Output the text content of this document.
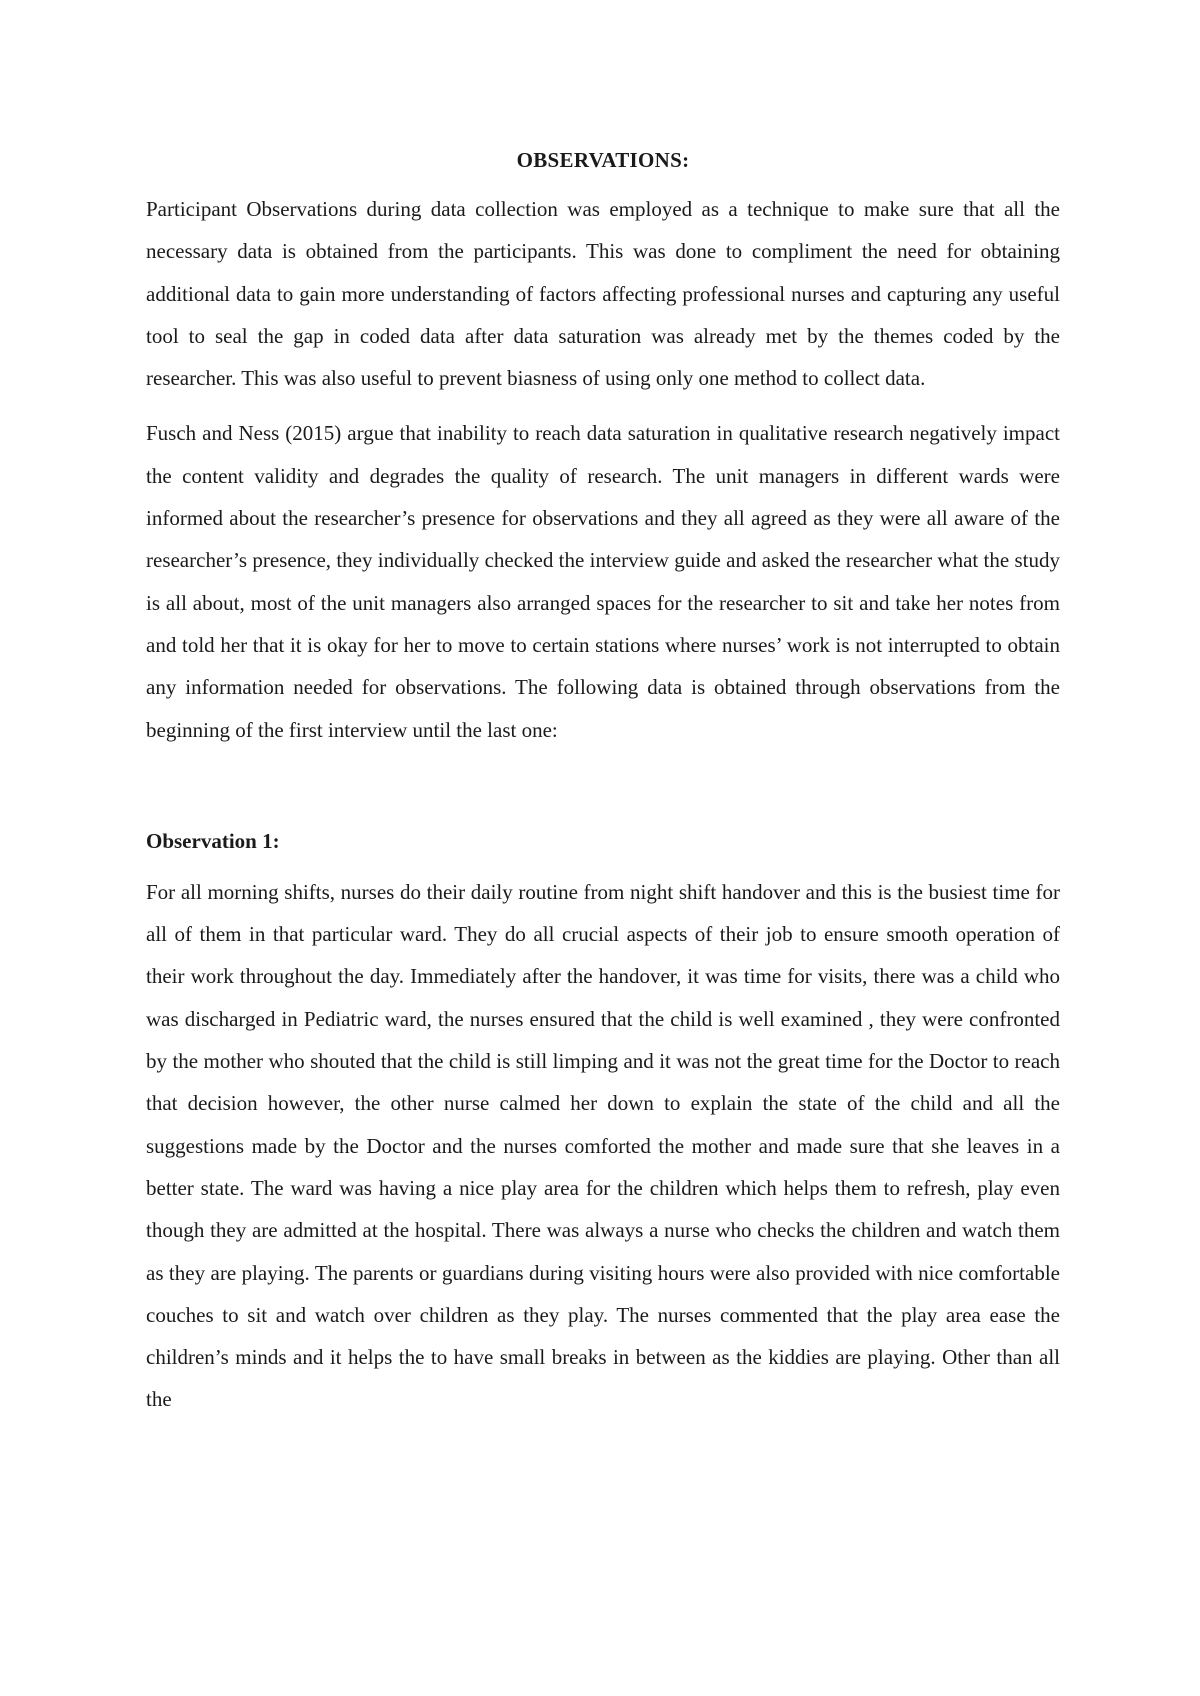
OBSERVATIONS:

Participant Observations during data collection was employed as a technique to make sure that all the necessary data is obtained from the participants. This was done to compliment the need for obtaining additional data to gain more understanding of factors affecting professional nurses and capturing any useful tool to seal the gap in coded data after data saturation was already met by the themes coded by the researcher. This was also useful to prevent biasness of using only one method to collect data.

Fusch and Ness (2015) argue that inability to reach data saturation in qualitative research negatively impact the content validity and degrades the quality of research. The unit managers in different wards were informed about the researcher’s presence for observations and they all agreed as they were all aware of the researcher’s presence, they individually checked the interview guide and asked the researcher what the study is all about, most of the unit managers also arranged spaces for the researcher to sit and take her notes from and told her that it is okay for her to move to certain stations where nurses’ work is not interrupted to obtain any information needed for observations. The following data is obtained through observations from the beginning of the first interview until the last one:

Observation 1:

For all morning shifts, nurses do their daily routine from night shift handover and this is the busiest time for all of them in that particular ward. They do all crucial aspects of their job to ensure smooth operation of their work throughout the day. Immediately after the handover, it was time for visits, there was a child who was discharged in Pediatric ward, the nurses ensured that the child is well examined , they were confronted by the mother who shouted that the child is still limping and it was not the great time for the Doctor to reach that decision however, the other nurse calmed her down to explain the state of the child and all the suggestions made by the Doctor and the nurses comforted the mother and made sure that she leaves in a better state. The ward was having a nice play area for the children which helps them to refresh, play even though they are admitted at the hospital. There was always a nurse who checks the children and watch them as they are playing. The parents or guardians during visiting hours were also provided with nice comfortable couches to sit and watch over children as they play. The nurses commented that the play area ease the children’s minds and it helps the to have small breaks in between as the kiddies are playing. Other than all the
